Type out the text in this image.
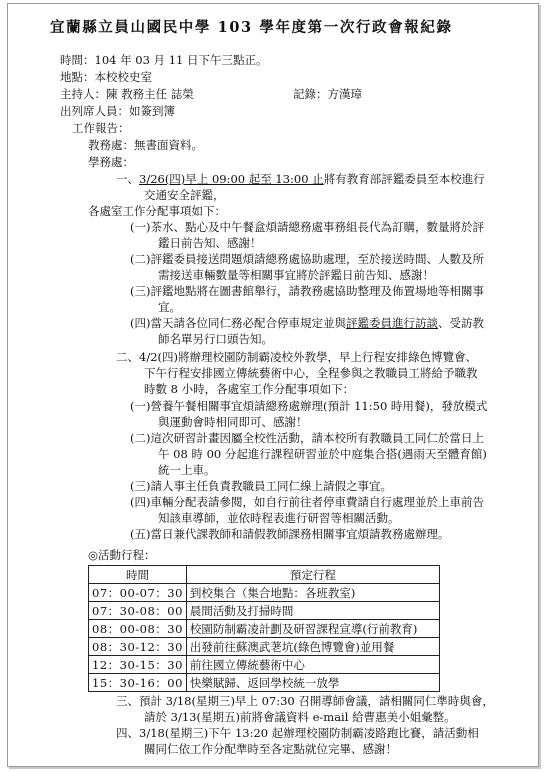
宜蘭縣立員山國民中學 103 學年度第一次行政會報紀錄
時間：104 年 03 月 11 日下午三點正。
地點：本校校史室
主持人：陳 教務主任 誌榮	記錄：方漢璋
出列席人員：如簽到簿
工作報告：
教務處：無書面資料。
學務處：
一、3/26(四)早上 09:00 起至 13:00 止將有教育部評鑑委員至本校進行
交通安全評鑑，
各處室工作分配事項如下：
(一)茶水、點心及中午餐盒煩請總務處事務組長代為訂購，數量將於評
鑑日前告知、感謝！
(二)評鑑委員接送問題煩請總務處協助處理，至於接送時間、人數及所
需接送車輛數量等相關事宜將於評鑑日前告知、感謝！
(三)評鑑地點將在圖書館舉行，請教務處協助整理及佈置場地等相關事
宜。
(四)當天請各位同仁務必配合停車規定並與評鑑委員進行訪談、受訪教
師名單另行口頭告知。
二、4/2(四)將辦理校園防制霸凌校外教學，早上行程安排綠色博覽會、
下午行程安排國立傳統藝術中心，全程參與之教職員工將給予職教
時數 8 小時，各處室工作分配事項如下：
(一)營養午餐相關事宜煩請總務處辦理(預計 11:50 時用餐)，發放模式
與運動會時相同即可、感謝！
(二)這次研習計畫因屬全校性活動，請本校所有教職員工同仁於當日上
午 08 時 00 分起進行課程研習並於中庭集合搭(遇雨天至體育館)
統一上車。
(三)請人事主任負責教職員工同仁線上請假之事宜。
(四)車輛分配表請參閱，如自行前往者停車費請自行處理並於上車前告
知該車導師，並依時程表進行研習等相關活動。
(五)當日兼代課教師和請假教師課務相關事宜煩請教務處辦理。
◎活動行程：
時間	預定行程
07：00-07：30	到校集合（集合地點：各班教室)
07：30-08：00	晨間活動及打掃時間
08：00-08：30	校園防制霸凌計劃及研習課程宣導(行前教育)
08：30-12：30	出發前往蘇澳武荖坑(綠色博覽會)並用餐
12：30-15：30	前往國立傳統藝術中心
15：30-16：00	快樂賦歸、返回學校統一放學
三、預計 3/18(星期三)早上 07:30 召開導師會議，請相關同仁準時與會，
請於 3/13(星期五)前將會議資料 e-mail 給曹惠美小姐彙整。
四、3/18(星期三)下午 13:20 起辦理校園防制霸凌路跑比賽，請活動相
關同仁依工作分配準時至各定點就位完畢、感謝！
